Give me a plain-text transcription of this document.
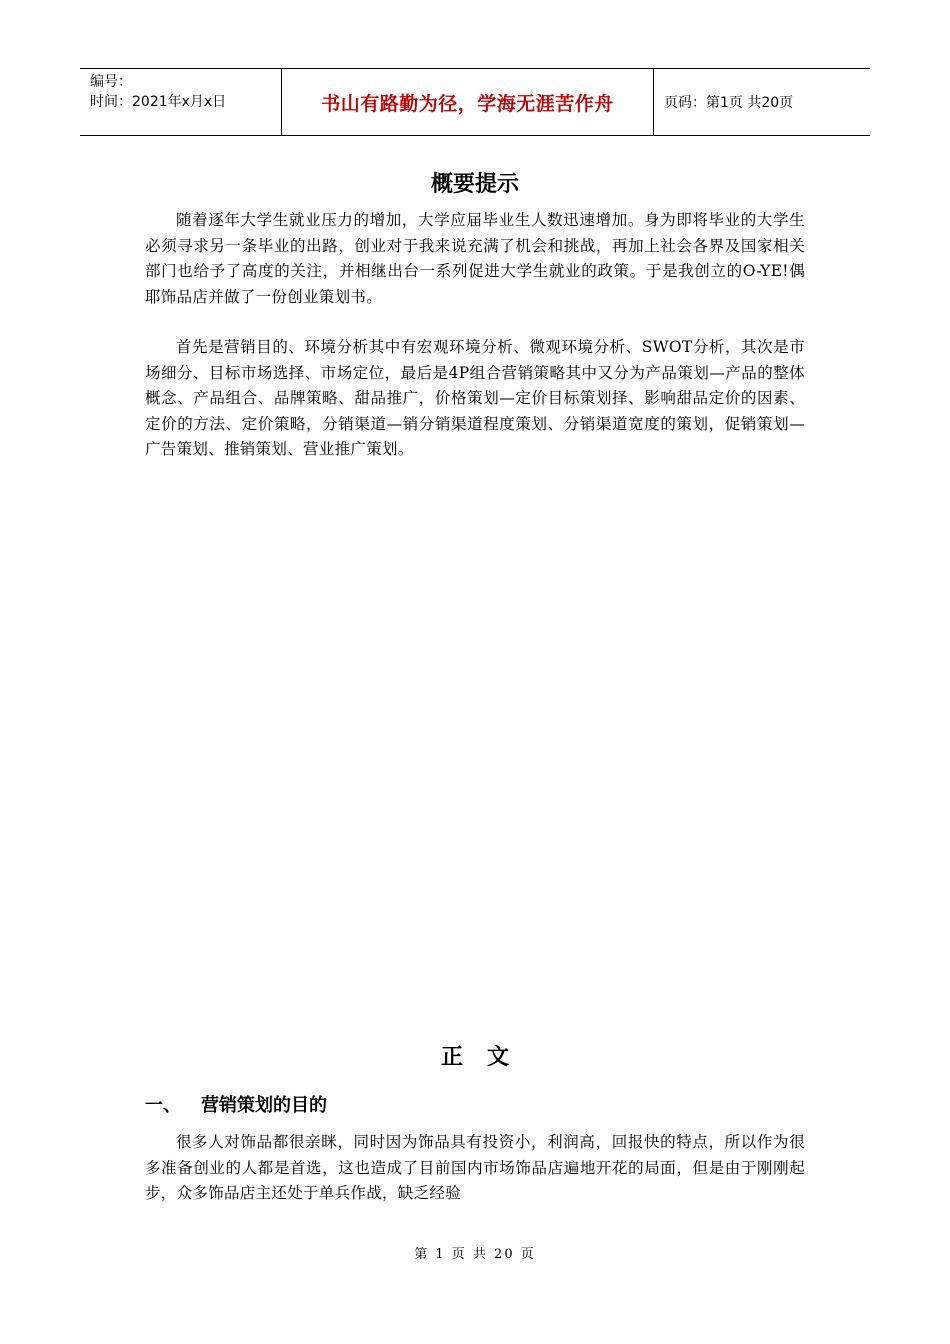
编号：
时间：2021年x月x日	书山有路勤为径，学海无涯苦作舟	页码：第1页 共20页
概要提示

随着逐年大学生就业压力的增加，大学应届毕业生人数迅速增加。身为即将毕业的大学生必须寻求另一条毕业的出路，创业对于我来说充满了机会和挑战，再加上社会各界及国家相关部门也给予了高度的关注，并相继出台一系列促进大学生就业的政策。于是我创立的O-YE!偶耶饰品店并做了一份创业策划书。

首先是营销目的、环境分析其中有宏观环境分析、微观环境分析、SWOT分析，其次是市场细分、目标市场选择、市场定位，最后是4P组合营销策略其中又分为产品策划—产品的整体概念、产品组合、品牌策略、甜品推广，价格策划—定价目标策划择、影响甜品定价的因素、定价的方法、定价策略，分销渠道—销分销渠道程度策划、分销渠道宽度的策划，促销策划—广告策划、推销策划、营业推广策划。

正文
一、 营销策划的目的

很多人对饰品都很亲眯，同时因为饰品具有投资小，利润高，回报快的特点，所以作为很多准备创业的人都是首选，这也造成了目前国内市场饰品店遍地开花的局面，但是由于刚刚起步，众多饰品店主还处于单兵作战，缺乏经验

第 1 页 共 20 页
